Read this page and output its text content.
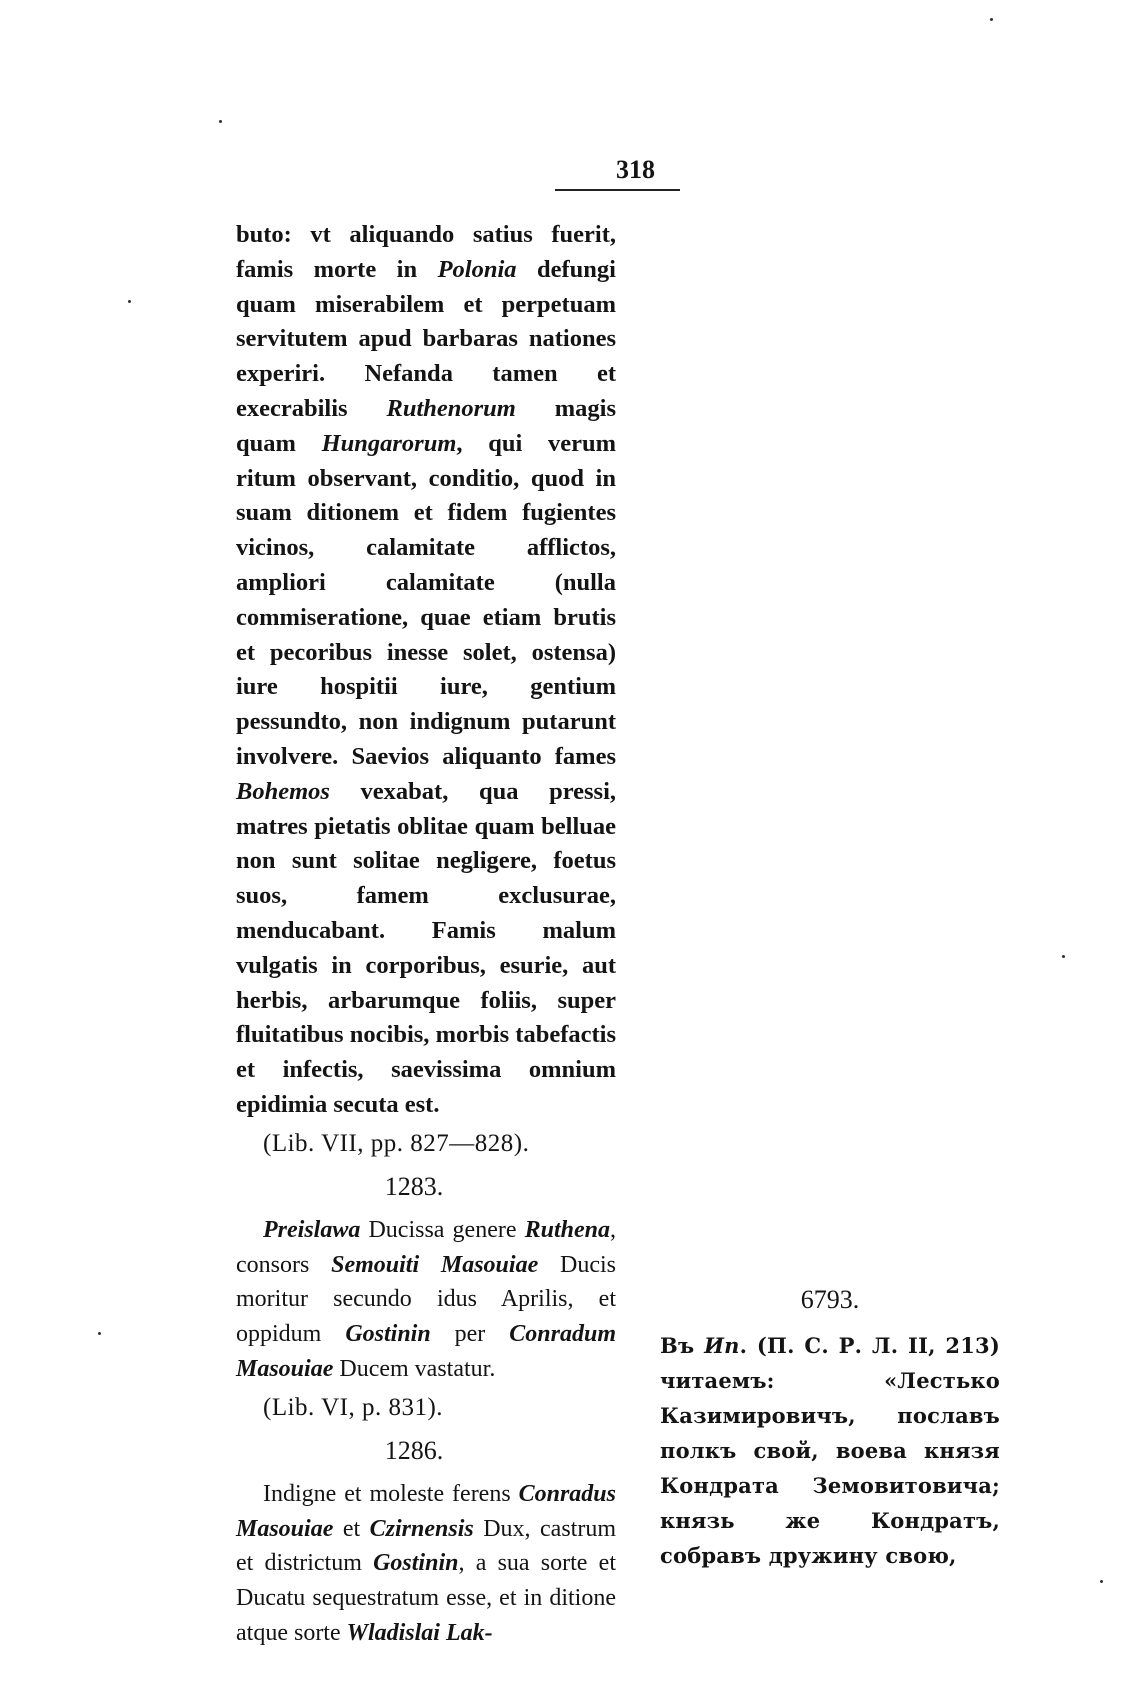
318

buto: vt aliquando satius fuerit, famis morte in Polonia defungi quam miserabilem et perpetuam servitutem apud barbaras nationes experiri. Nefanda tamen et execrabilis Ruthenorum magis quam Hungarorum, qui verum ritum observant, conditio, quod in suam ditionem et fidem fugientes vicinos, calamitate afflictos, ampliori calamitate (nulla commiseratione, quae etiam brutis et pecoribus inesse solet, ostensa) iure hospitii iure, gentium pessundto, non indignum putarunt involvere. Saevios aliquanto fames Bohemos vexabat, qua pressi, matres pietatis oblitae quam belluae non sunt solitae negligere, foetus suos, famem exclusurae, menducabant. Famis malum vulgatis in corporibus, esurie, aut herbis, arbarumque foliis, super fluitatibus nocibis, morbis tabefactis et infectis, saevissima omnium epidimia secuta est.

(Lib. VII, pp. 827—828).
1283.

Preislawa Ducissa genere Ruthena, consors Semouiti Masouiae Ducis moritur secundo idus Aprilis, et oppidum Gostinin per Conradum Masouiae Ducem vastatur.

(Lib. VI, p. 831).
1286.

Indigne et moleste ferens Conradus Masouiae et Czirnensis Dux, castrum et districtum Gostinin, a sua sorte et Ducatu sequestratum esse, et in ditione atque sorte Wladislai Lak-

6793.

Въ Ип. (П. С. Р. Л. II, 213) читаемъ: «Лестько Казимировичъ, пославъ полкъ свой, воева князя Кондрата Земовитовича; князь же Кондратъ, собравъ дружину свою,
